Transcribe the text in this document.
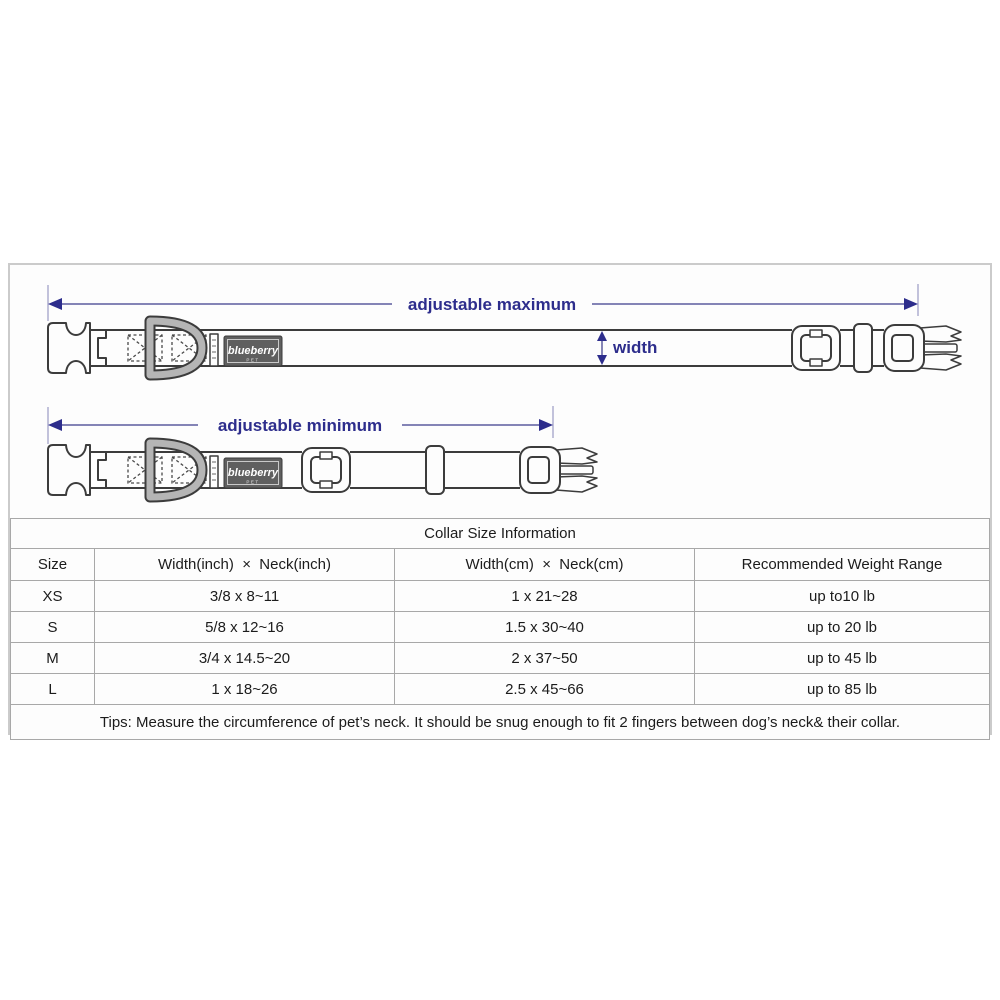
adjustable maximum
blueberry
PET
width
adjustable minimum
blueberry
PET
Collar Size Information			
Size	Width(inch)  ×  Neck(inch)	Width(cm)  ×  Neck(cm)	Recommended Weight Range
XS	3/8 x 8~11	1 x 21~28	up to10 lb
S	5/8 x 12~16	1.5 x 30~40	up to 20 lb
M	3/4 x 14.5~20	2 x 37~50	up to 45 lb
L	1 x 18~26	2.5 x 45~66	up to 85 lb
Tips: Measure the circumference of pet’s neck. It should be snug enough to fit 2 fingers between dog’s neck& their collar.			
